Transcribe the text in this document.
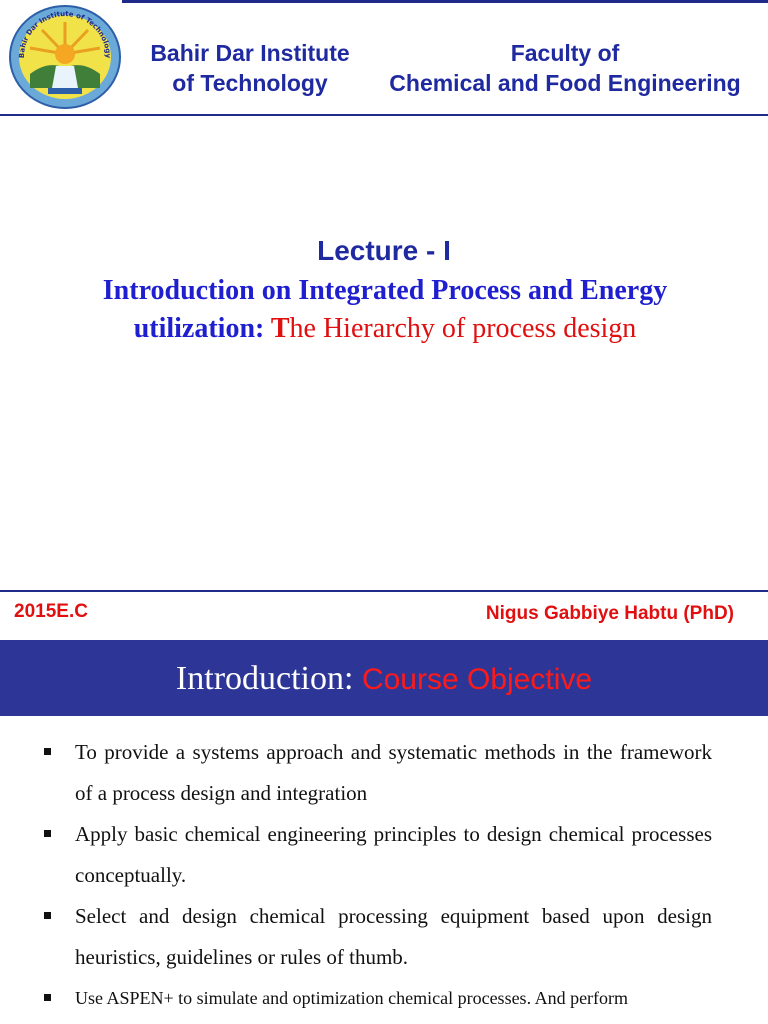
Bahir Dar Institute of Technology	Bahir Dar Institute
of Technology
Faculty of
Chemical and Food Engineering
Lecture - I
Introduction on Integrated Process and Energy
utilization: The Hierarchy of process design
2015E.C	Nigus Gabbiye Habtu (PhD)
Introduction: Course Objective
To provide a systems approach and systematic methods in the framework of a process design and integration
Apply basic chemical engineering principles to design chemical processes conceptually.
Select and design chemical processing equipment based upon design heuristics, guidelines or rules of thumb.
Use ASPEN+ to simulate and optimization chemical processes. And perform
